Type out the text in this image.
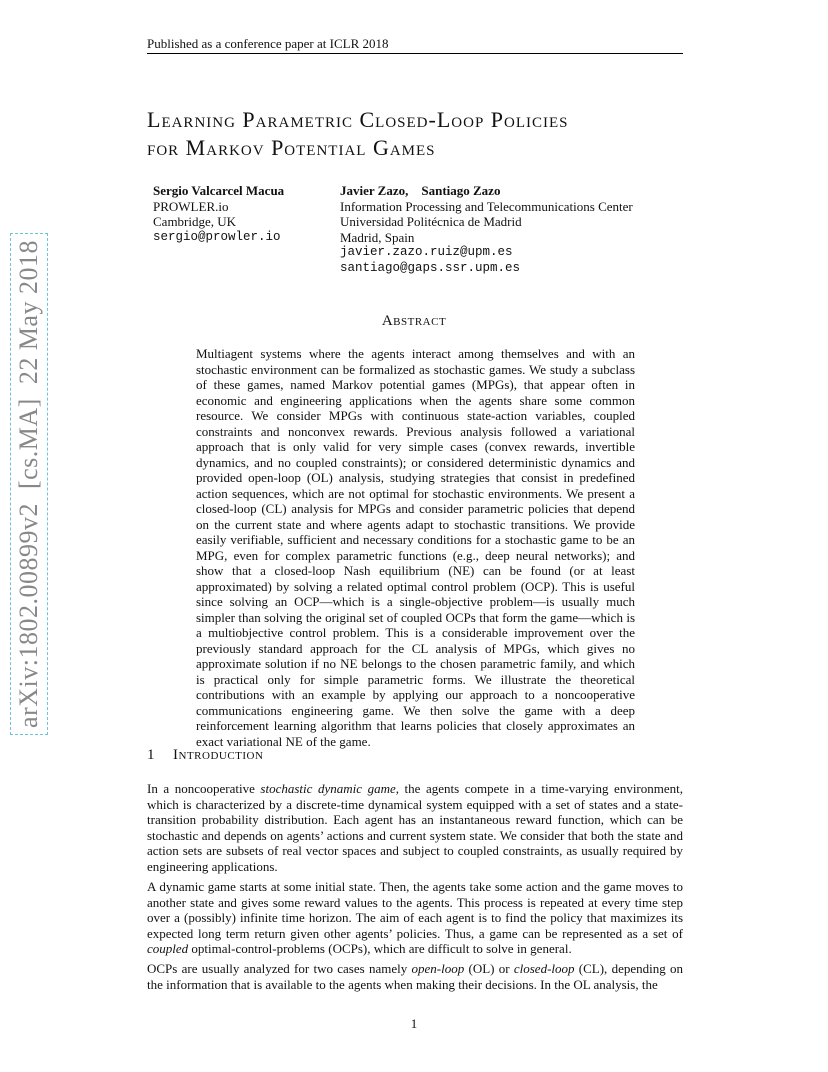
Published as a conference paper at ICLR 2018
Learning Parametric Closed-Loop Policies
for Markov Potential Games
Sergio Valcarcel Macua
PROWLER.io
Cambridge, UK
sergio@prowler.io
Javier Zazo,    Santiago Zazo
Information Processing and Telecommunications Center
Universidad Politécnica de Madrid
Madrid, Spain
javier.zazo.ruiz@upm.es
santiago@gaps.ssr.upm.es
Abstract

Multiagent systems where the agents interact among themselves and with an stochastic environment can be formalized as stochastic games. We study a subclass of these games, named Markov potential games (MPGs), that appear often in economic and engineering applications when the agents share some common resource. We consider MPGs with continuous state-action variables, coupled constraints and nonconvex rewards. Previous analysis followed a variational approach that is only valid for very simple cases (convex rewards, invertible dynamics, and no coupled constraints); or considered deterministic dynamics and provided open-loop (OL) analysis, studying strategies that consist in predefined action sequences, which are not optimal for stochastic environments. We present a closed-loop (CL) analysis for MPGs and consider parametric policies that depend on the current state and where agents adapt to stochastic transitions. We provide easily verifiable, sufficient and necessary conditions for a stochastic game to be an MPG, even for complex parametric functions (e.g., deep neural networks); and show that a closed-loop Nash equilibrium (NE) can be found (or at least approximated) by solving a related optimal control problem (OCP). This is useful since solving an OCP—which is a single-objective problem—is usually much simpler than solving the original set of coupled OCPs that form the game—which is a multiobjective control problem. This is a considerable improvement over the previously standard approach for the CL analysis of MPGs, which gives no approximate solution if no NE belongs to the chosen parametric family, and which is practical only for simple parametric forms. We illustrate the theoretical contributions with an example by applying our approach to a noncooperative communications engineering game. We then solve the game with a deep reinforcement learning algorithm that learns policies that closely approximates an exact variational NE of the game.

1 Introduction

In a noncooperative stochastic dynamic game, the agents compete in a time-varying environment, which is characterized by a discrete-time dynamical system equipped with a set of states and a state-transition probability distribution. Each agent has an instantaneous reward function, which can be stochastic and depends on agents’ actions and current system state. We consider that both the state and action sets are subsets of real vector spaces and subject to coupled constraints, as usually required by engineering applications.

A dynamic game starts at some initial state. Then, the agents take some action and the game moves to another state and gives some reward values to the agents. This process is repeated at every time step over a (possibly) infinite time horizon. The aim of each agent is to find the policy that maximizes its expected long term return given other agents’ policies. Thus, a game can be represented as a set of coupled optimal-control-problems (OCPs), which are difficult to solve in general.

OCPs are usually analyzed for two cases namely open-loop (OL) or closed-loop (CL), depending on the information that is available to the agents when making their decisions. In the OL analysis, the

1
arXiv:1802.00899v2  [cs.MA]  22 May 2018
